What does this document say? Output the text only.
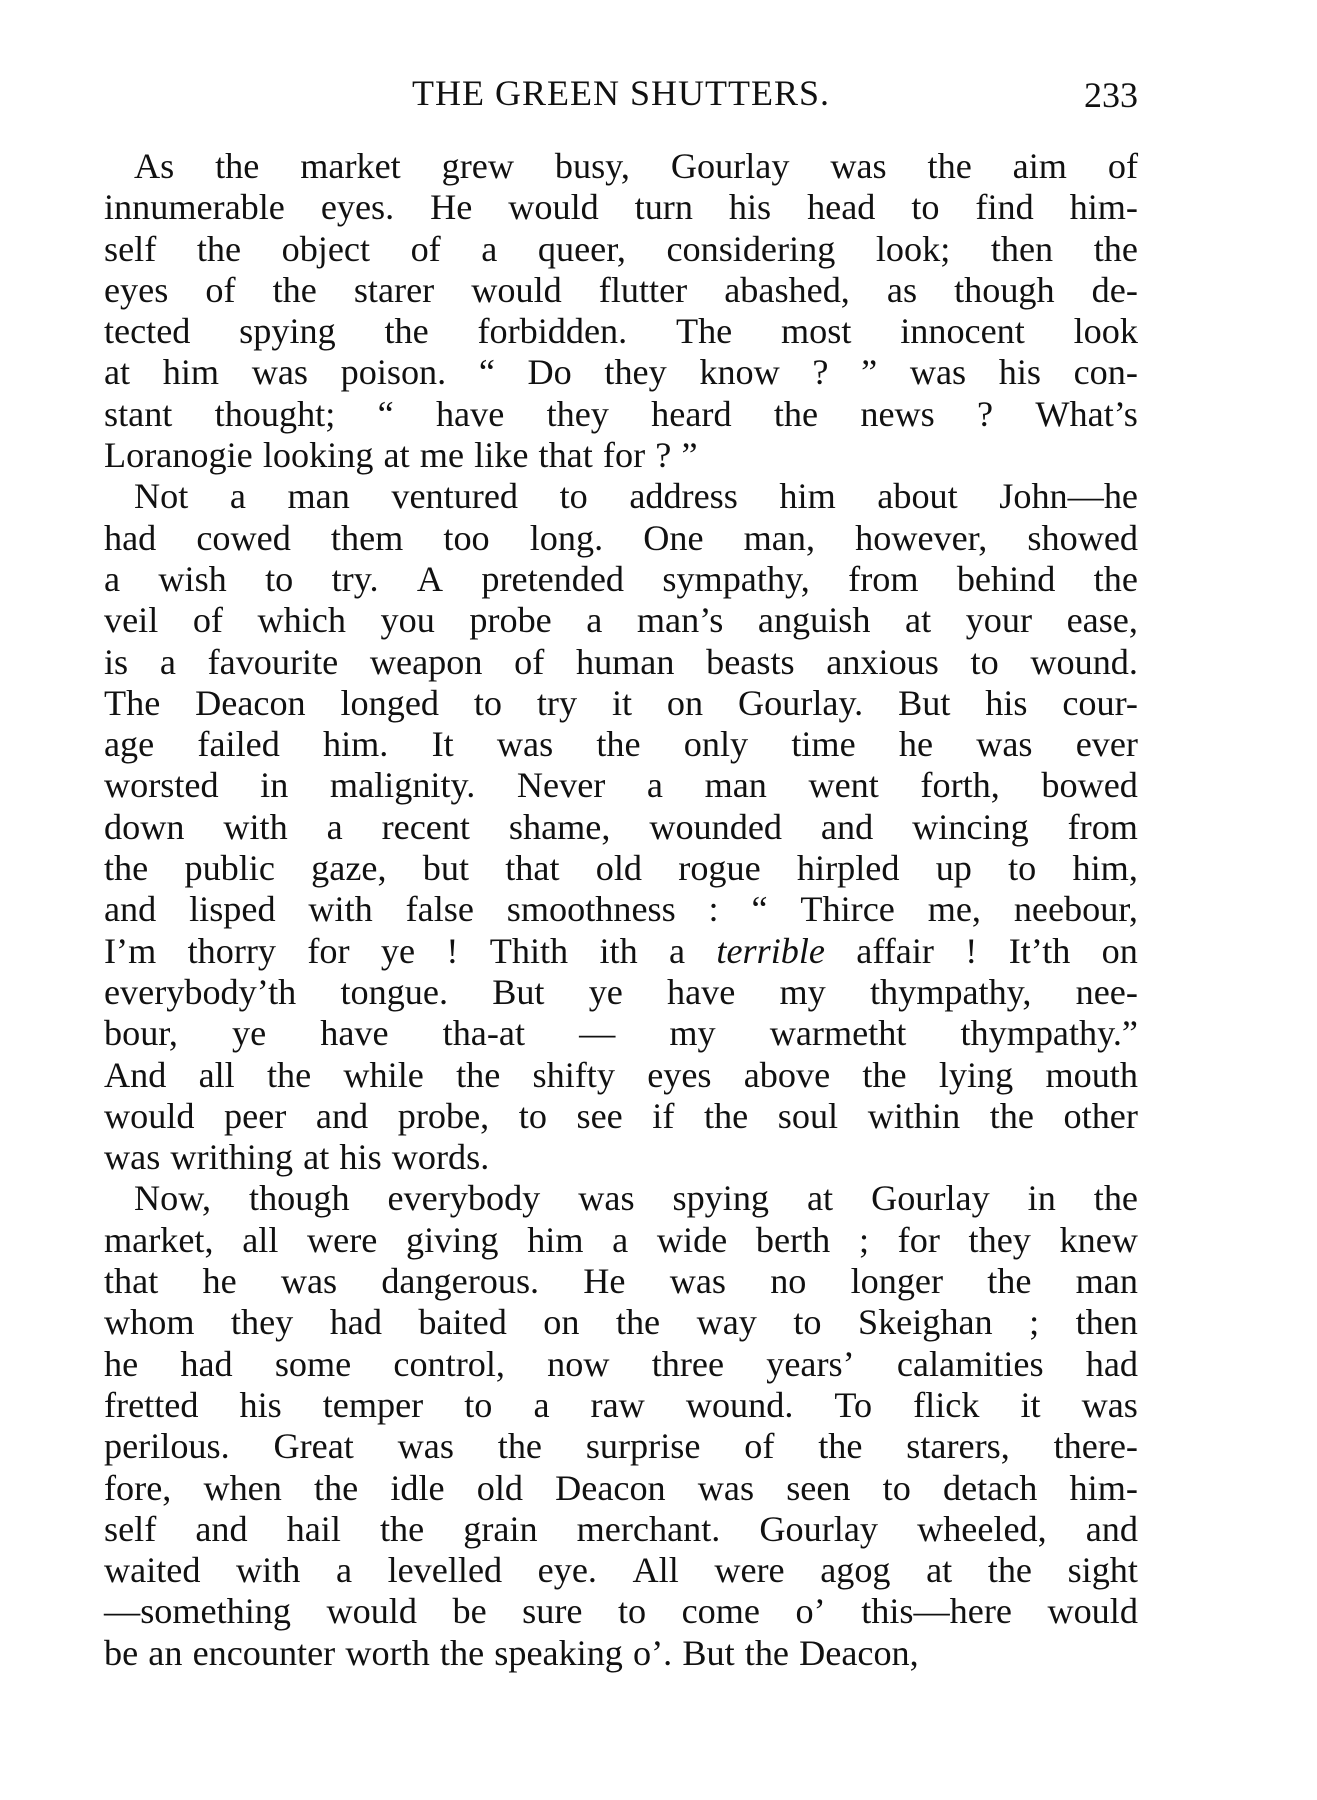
THE GREEN SHUTTERS.	233
As the market grew busy, Gourlay was the aim of
innumerable eyes. He would turn his head to find him-
self the object of a queer, considering look; then the
eyes of the starer would flutter abashed, as though de-
tected spying the forbidden. The most innocent look
at him was poison. “ Do they know ? ” was his con-
stant thought; “ have they heard the news ? What’s
Loranogie looking at me like that for ? ”
Not a man ventured to address him about John—he
had cowed them too long. One man, however, showed
a wish to try. A pretended sympathy, from behind the
veil of which you probe a man’s anguish at your ease,
is a favourite weapon of human beasts anxious to wound.
The Deacon longed to try it on Gourlay. But his cour-
age failed him. It was the only time he was ever
worsted in malignity. Never a man went forth, bowed
down with a recent shame, wounded and wincing from
the public gaze, but that old rogue hirpled up to him,
and lisped with false smoothness : “ Thirce me, neebour,
I’m thorry for ye ! Thith ith a terrible affair ! It’th on
everybody’th tongue. But ye have my thympathy, nee-
bour, ye have tha-at — my warmetht thympathy.”
And all the while the shifty eyes above the lying mouth
would peer and probe, to see if the soul within the other
was writhing at his words.
Now, though everybody was spying at Gourlay in the
market, all were giving him a wide berth ; for they knew
that he was dangerous. He was no longer the man
whom they had baited on the way to Skeighan ; then
he had some control, now three years’ calamities had
fretted his temper to a raw wound. To flick it was
perilous. Great was the surprise of the starers, there-
fore, when the idle old Deacon was seen to detach him-
self and hail the grain merchant. Gourlay wheeled, and
waited with a levelled eye. All were agog at the sight
—something would be sure to come o’ this—here would
be an encounter worth the speaking o’. But the Deacon,
